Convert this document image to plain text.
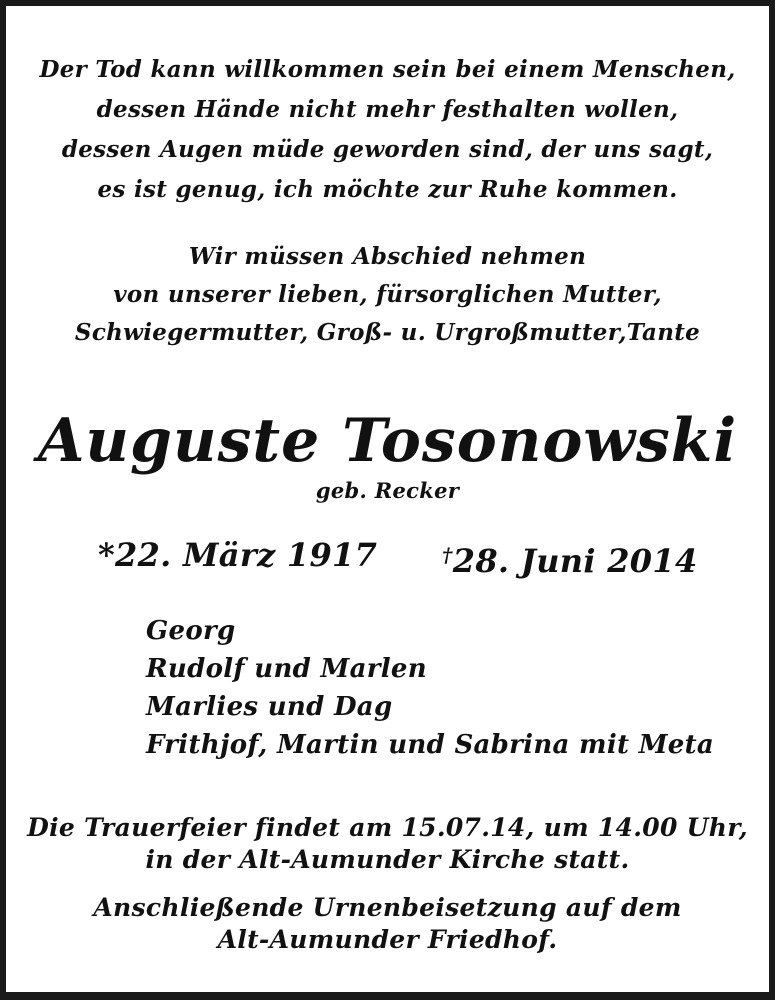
Der Tod kann willkommen sein bei einem Menschen,
dessen Hände nicht mehr festhalten wollen,
dessen Augen müde geworden sind, der uns sagt,
es ist genug, ich möchte zur Ruhe kommen.
Wir müssen Abschied nehmen
von unserer lieben, fürsorglichen Mutter,
Schwiegermutter, Groß- u. Urgroßmutter,Tante
Auguste Tosonowski
geb. Recker
*22. März 1917	†28. Juni 2014
Georg
Rudolf und Marlen
Marlies und Dag
Frithjof, Martin und Sabrina mit Meta
Die Trauerfeier findet am 15.07.14, um 14.00 Uhr,
in der Alt-Aumunder Kirche statt.
Anschließende Urnenbeisetzung auf dem
Alt-Aumunder Friedhof.
